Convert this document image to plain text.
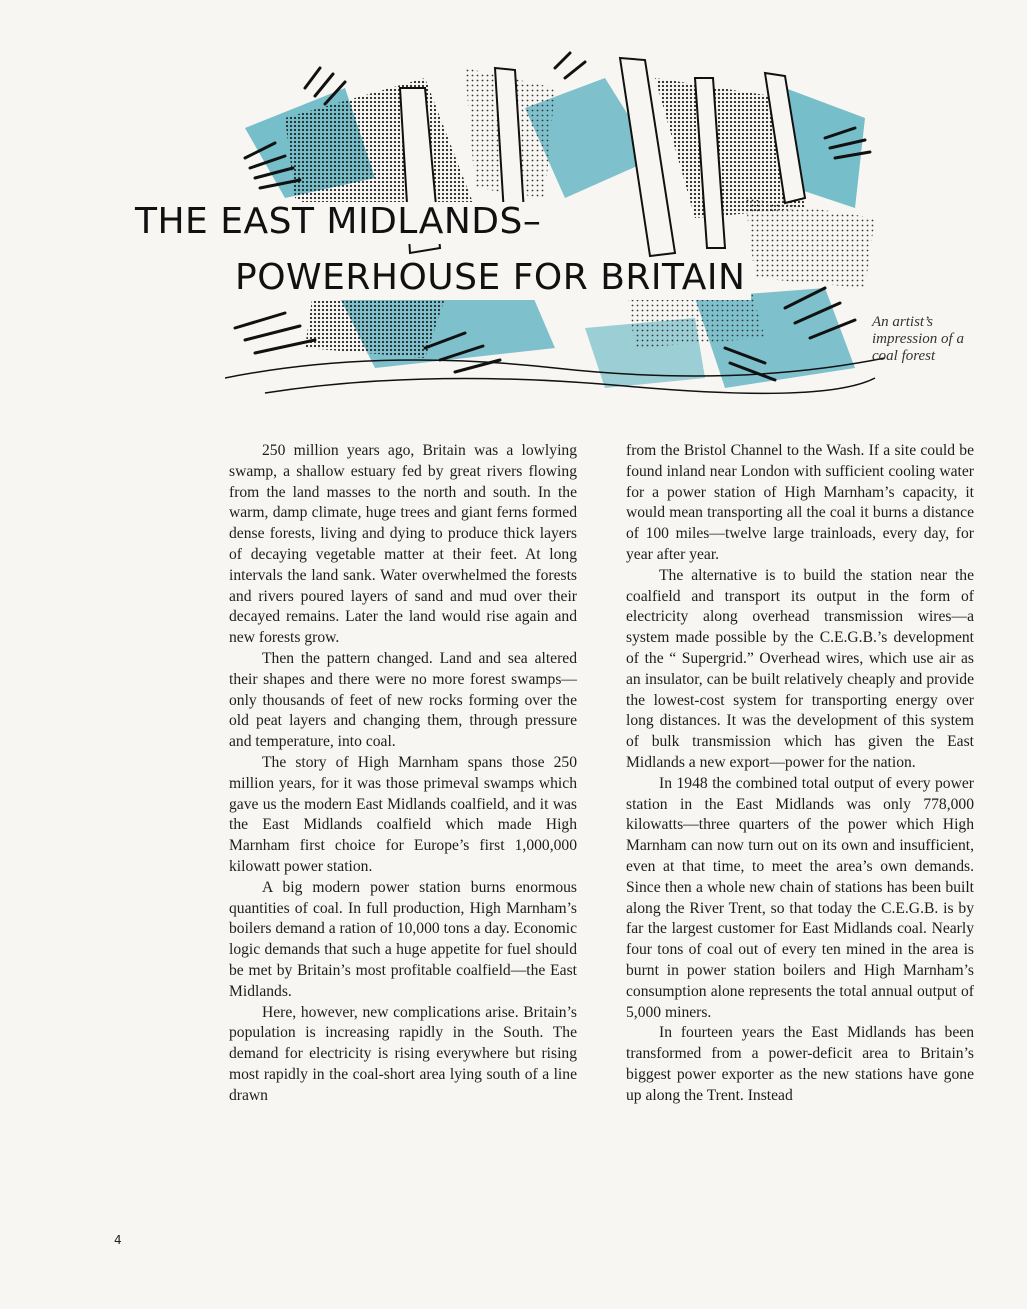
THE EAST MIDLANDS–
POWERHOUSE FOR BRITAIN
An artist’s impression of a coal forest

250 million years ago, Britain was a lowlying swamp, a shallow estuary fed by great rivers flowing from the land masses to the north and south. In the warm, damp climate, huge trees and giant ferns formed dense forests, living and dying to produce thick layers of decaying vegetable matter at their feet. At long intervals the land sank. Water overwhelmed the forests and rivers poured layers of sand and mud over their decayed remains. Later the land would rise again and new forests grow.

Then the pattern changed. Land and sea altered their shapes and there were no more forest swamps—only thousands of feet of new rocks forming over the old peat layers and changing them, through pressure and temperature, into coal.

The story of High Marnham spans those 250 million years, for it was those primeval swamps which gave us the modern East Midlands coalfield, and it was the East Midlands coalfield which made High Marnham first choice for Europe’s first 1,000,000 kilowatt power station.

A big modern power station burns enormous quantities of coal. In full production, High Marnham’s boilers demand a ration of 10,000 tons a day. Economic logic demands that such a huge appetite for fuel should be met by Britain’s most profitable coalfield—the East Midlands.

Here, however, new complications arise. Britain’s population is increasing rapidly in the South. The demand for electricity is rising everywhere but rising most rapidly in the coal-short area lying south of a line drawn

from the Bristol Channel to the Wash. If a site could be found inland near London with sufficient cooling water for a power station of High Marnham’s capacity, it would mean transporting all the coal it burns a distance of 100 miles—twelve large trainloads, every day, for year after year.

The alternative is to build the station near the coalfield and transport its output in the form of electricity along overhead transmission wires—a system made possible by the C.E.G.B.’s development of the “ Supergrid.” Overhead wires, which use air as an insulator, can be built relatively cheaply and provide the lowest-cost system for transporting energy over long distances. It was the development of this system of bulk transmission which has given the East Midlands a new export—power for the nation.

In 1948 the combined total output of every power station in the East Midlands was only 778,000 kilowatts—three quarters of the power which High Marnham can now turn out on its own and insufficient, even at that time, to meet the area’s own demands. Since then a whole new chain of stations has been built along the River Trent, so that today the C.E.G.B. is by far the largest customer for East Midlands coal. Nearly four tons of coal out of every ten mined in the area is burnt in power station boilers and High Marnham’s consumption alone represents the total annual output of 5,000 miners.

In fourteen years the East Midlands has been transformed from a power-deficit area to Britain’s biggest power exporter as the new stations have gone up along the Trent. Instead

4
